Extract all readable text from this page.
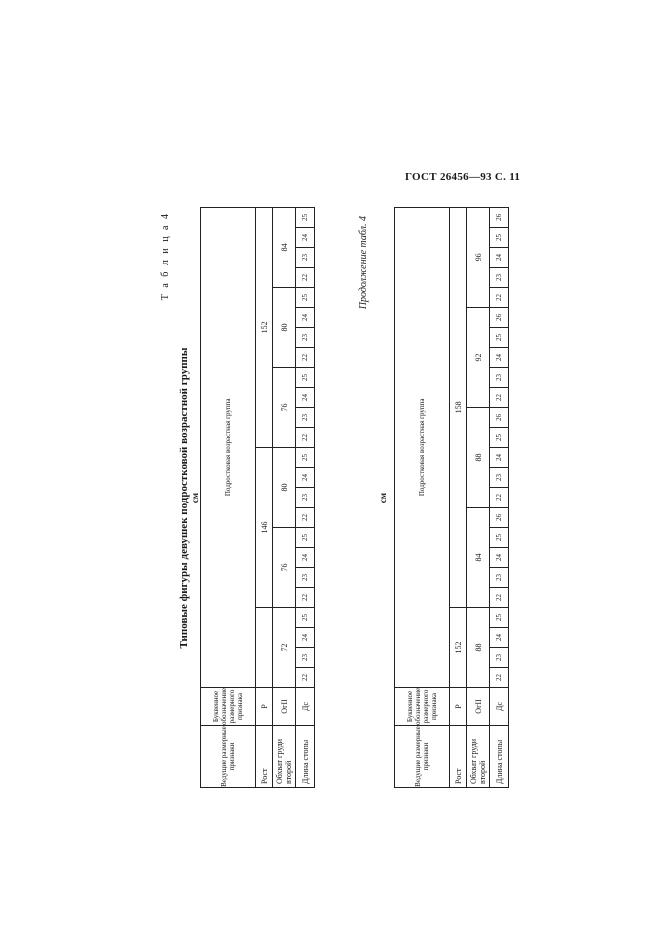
ГОСТ 26456—93 С. 11
Т а б л и ц а 4
Типовые фигуры девушек подростковой возрастной группы см
Ведущие размерные признаки	Буквенное обозначение размерного признака	Подростковая возрастная группа																							
Рост	Р					146								152											
Обхват груди второй	ОгII	72				76				80				76				80				84			
Длина стопы	Дс	22	23	24	25	22	23	24	25	22	23	24	25	22	23	24	25	22	23	24	25	22	23	24	25	Продолжение табл. 4
см
Ведущие размерные признаки	Буквенное обозначение размерного признака	Подростковая возрастная группа																							
Рост	Р	152				158																			
Обхват груди второй	ОгII	88				84					88					92					96				
Длина стопы	Дс	22	23	24	25	22	23	24	25	26	22	23	24	25	26	22	23	24	25	26	22	23	24	25	26
